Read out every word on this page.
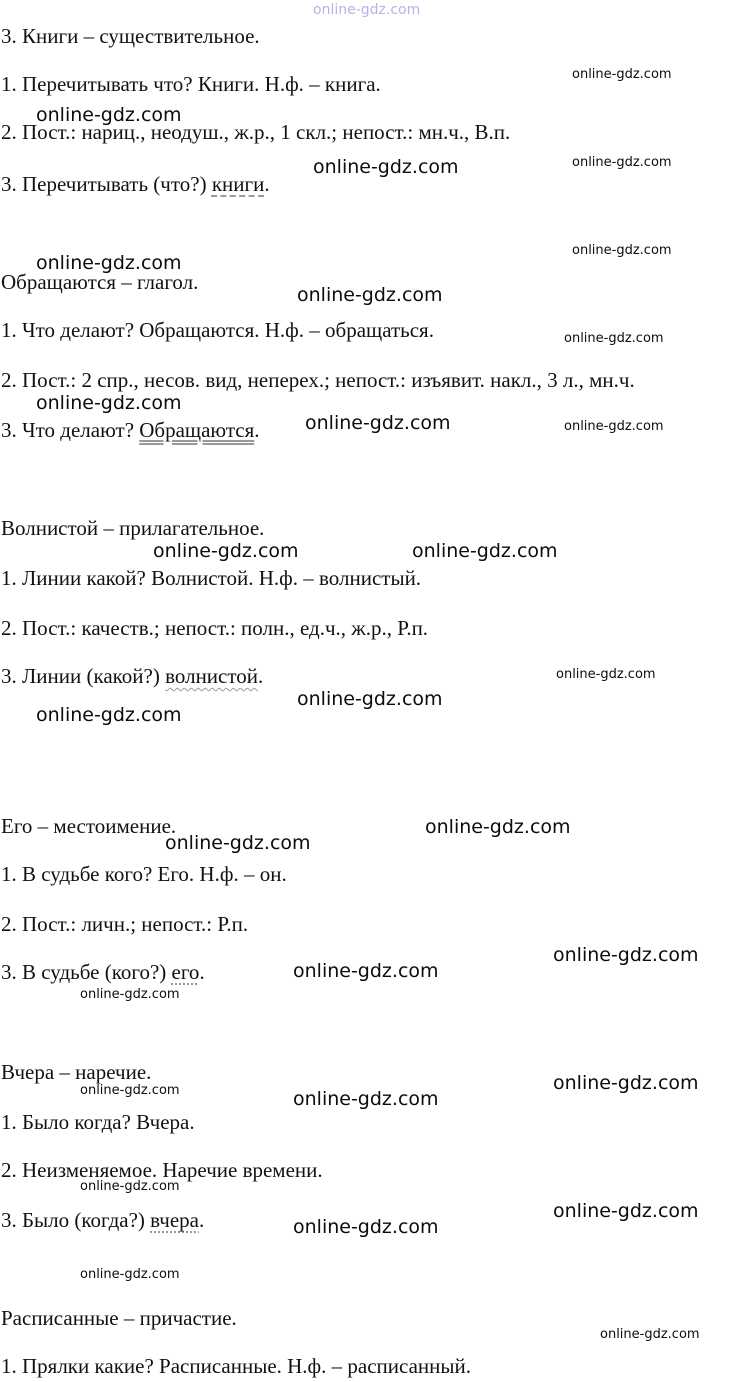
3. Книги – существительное.
1. Перечитывать что? Книги. Н.ф. – книга.
2. Пост.: нариц., неодуш., ж.р., 1 скл.; непост.: мн.ч., В.п.
3. Перечитывать (что?) книги.
Обращаются – глагол.
1. Что делают? Обращаются. Н.ф. – обращаться.
2. Пост.: 2 спр., несов. вид, неперех.; непост.: изъявит. накл., 3 л., мн.ч.
3. Что делают? Обращаются.
Волнистой – прилагательное.
1. Линии какой? Волнистой. Н.ф. – волнистый.
2. Пост.: качеств.; непост.: полн., ед.ч., ж.р., Р.п.
3. Линии (какой?) волнистой.
Его – местоимение.
1. В судьбе кого? Его. Н.ф. – он.
2. Пост.: личн.; непост.: Р.п.
3. В судьбе (кого?) его.
Вчера – наречие.
1. Было когда? Вчера.
2. Неизменяемое. Наречие времени.
3. Было (когда?) вчера.
Расписанные – причастие.
1. Прялки какие? Расписанные. Н.ф. – расписанный.
online-gdz.com
online-gdz.com
online-gdz.com
online-gdz.com
online-gdz.com
online-gdz.com
online-gdz.com
online-gdz.com	online-gdz.com
online-gdz.com
online-gdz.com
online-gdz.com
online-gdz.com
online-gdz.com
online-gdz.com
online-gdz.com
online-gdz.com
online-gdz.com
online-gdz.com
online-gdz.com
online-gdz.com
online-gdz.com
online-gdz.com
online-gdz.com
online-gdz.com
online-gdz.com
online-gdz.com
online-gdz.com
online-gdz.com
online-gdz.com
